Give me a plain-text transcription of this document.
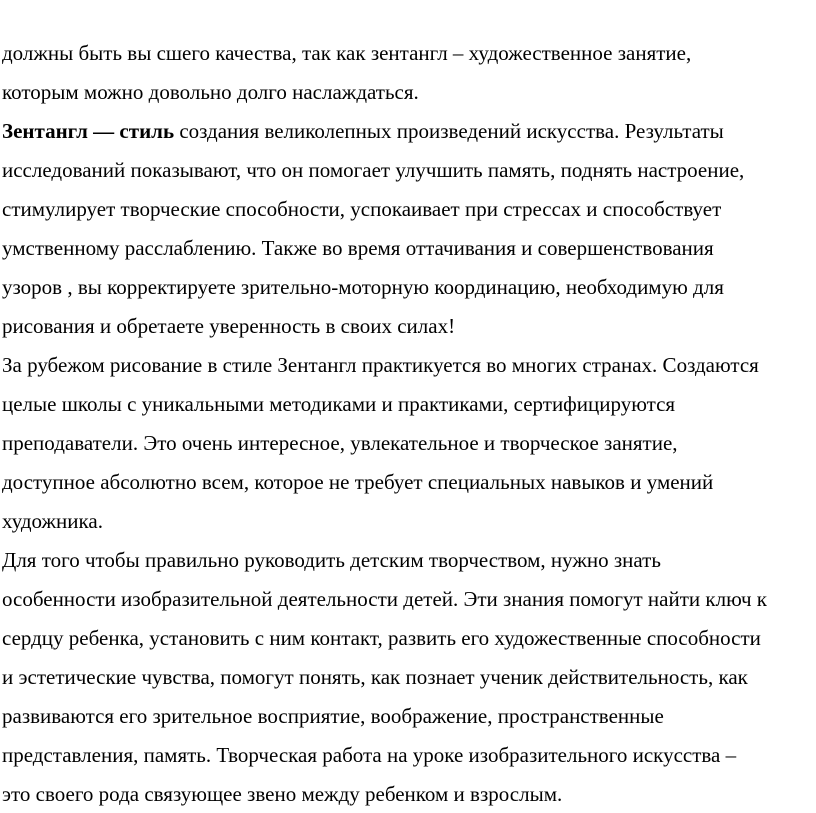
должны быть вы сшего качества, так как зентангл – художественное занятие,
которым можно довольно долго наслаждаться.
Зентангл — стиль создания великолепных произведений искусства. Результаты
исследований показывают, что он помогает улучшить память, поднять настроение,
стимулирует творческие способности, успокаивает при стрессах и способствует
умственному расслаблению. Также во время оттачивания и совершенствования
узоров , вы корректируете зрительно-моторную координацию, необходимую для
рисования и обретаете уверенность в своих силах!
За рубежом рисование в стиле Зентангл практикуется во многих странах. Создаются
целые школы с уникальными методиками и практиками, сертифицируются
преподаватели. Это очень интересное, увлекательное и творческое занятие,
доступное абсолютно всем, которое не требует специальных навыков и умений
художника.
Для того чтобы правильно руководить детским творчеством, нужно знать
особенности изобразительной деятельности детей. Эти знания помогут найти ключ к
сердцу ребенка, установить с ним контакт, развить его художественные способности
и эстетические чувства, помогут понять, как познает ученик действительность, как
развиваются его зрительное восприятие, воображение, пространственные
представления, память. Творческая работа на уроке изобразительного искусства –
это своего рода связующее звено между ребенком и взрослым.
